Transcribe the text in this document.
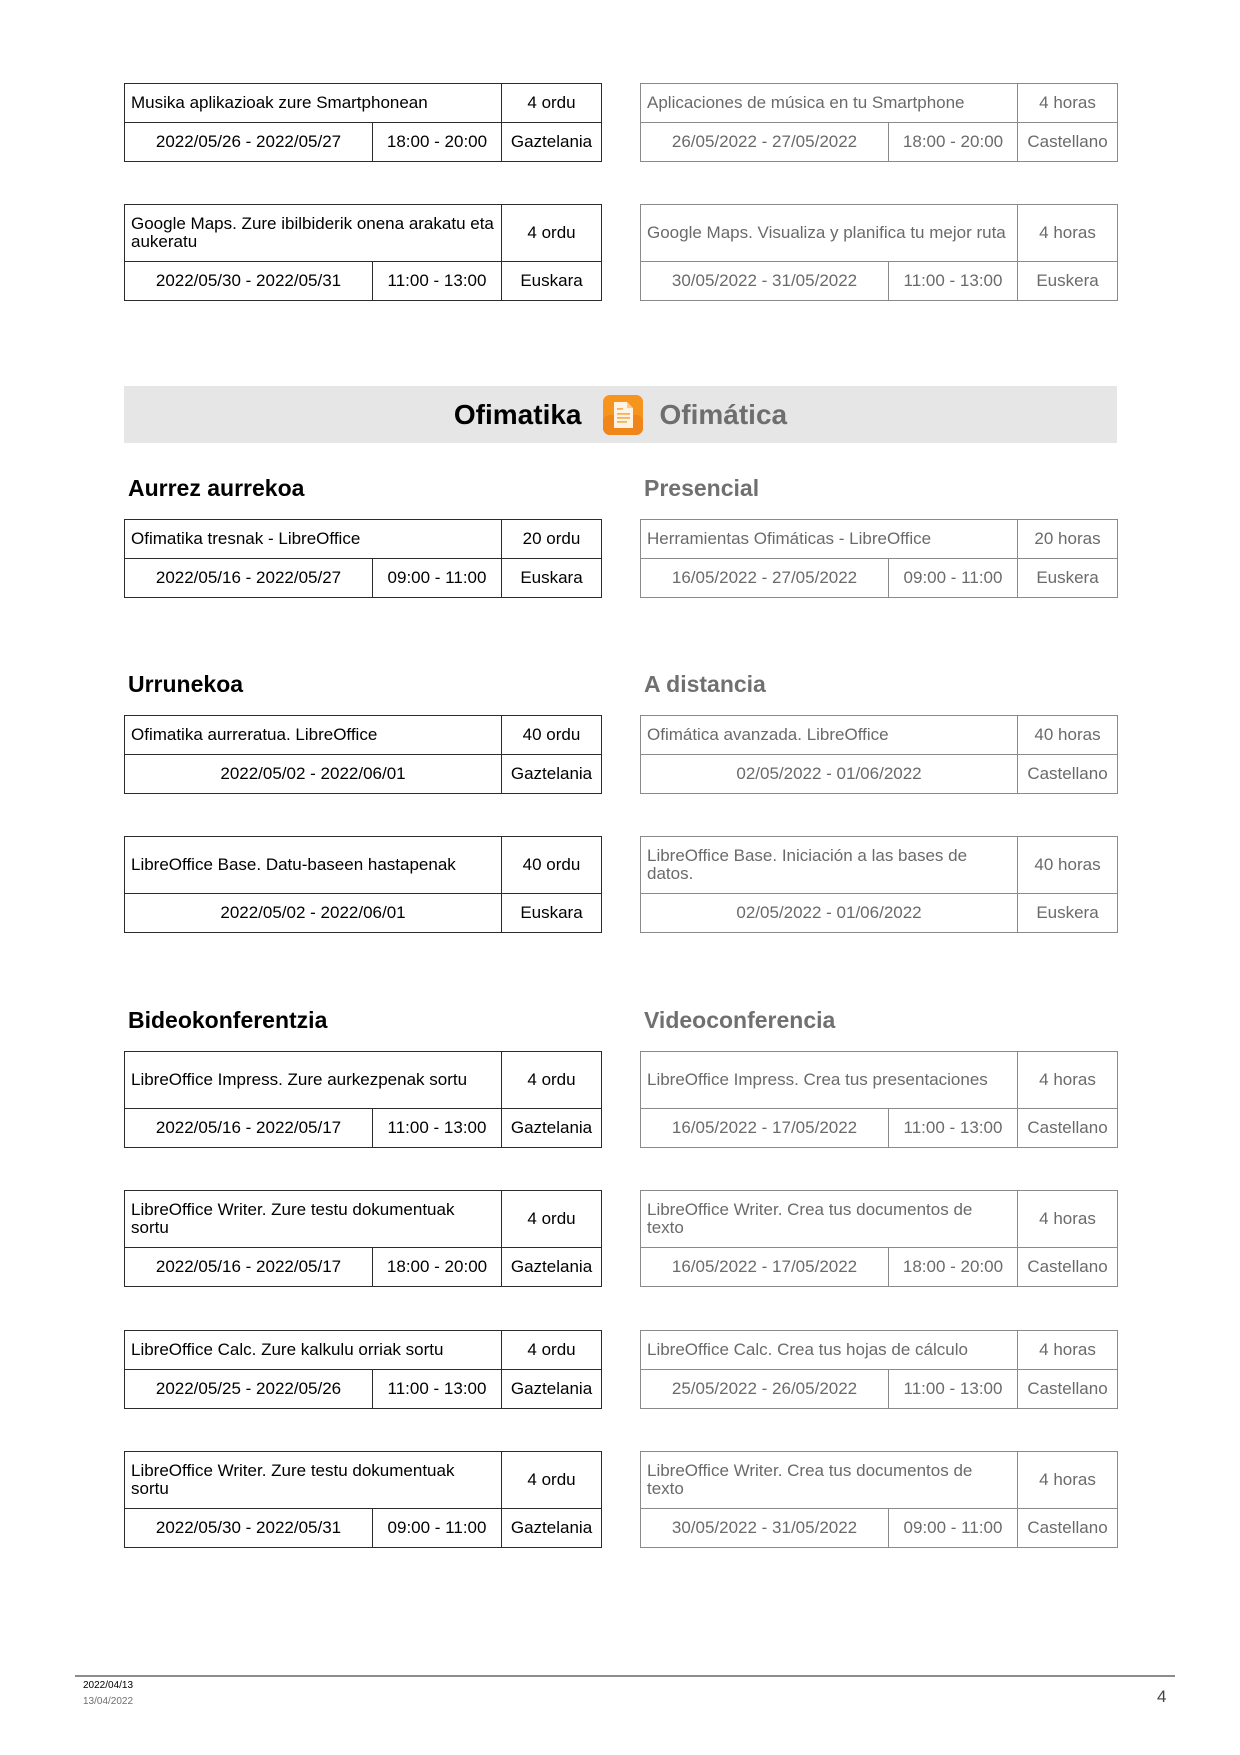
Musika aplikazioak zure Smartphonean		4 ordu
2022/05/26 - 2022/05/27	18:00 - 20:00	Gaztelania
Aplicaciones de música en tu Smartphone		4 horas
26/05/2022 - 27/05/2022	18:00 - 20:00	Castellano
Google Maps. Zure ibilbiderik onena arakatu eta aukeratu		4 ordu
2022/05/30 - 2022/05/31	11:00 - 13:00	Euskara
Google Maps. Visualiza y planifica tu mejor ruta		4 horas
30/05/2022 - 31/05/2022	11:00 - 13:00	Euskera
Ofimatika	Ofimática
Aurrez aurrekoa	Presencial
Ofimatika tresnak - LibreOffice		20 ordu
2022/05/16 - 2022/05/27	09:00 - 11:00	Euskara
Herramientas Ofimáticas - LibreOffice		20 horas
16/05/2022 - 27/05/2022	09:00 - 11:00	Euskera
Urrunekoa	A distancia
Ofimatika aurreratua. LibreOffice	40 ordu
2022/05/02 - 2022/06/01	Gaztelania
Ofimática avanzada. LibreOffice	40 horas
02/05/2022 - 01/06/2022	Castellano
LibreOffice Base. Datu-baseen hastapenak	40 ordu
2022/05/02 - 2022/06/01	Euskara
LibreOffice Base. Iniciación a las bases de datos.	40 horas
02/05/2022 - 01/06/2022	Euskera
Bideokonferentzia	Videoconferencia
LibreOffice Impress. Zure aurkezpenak sortu		4 ordu
2022/05/16 - 2022/05/17	11:00 - 13:00	Gaztelania
LibreOffice Impress. Crea tus presentaciones		4 horas
16/05/2022 - 17/05/2022	11:00 - 13:00	Castellano
LibreOffice Writer. Zure testu dokumentuak sortu		4 ordu
2022/05/16 - 2022/05/17	18:00 - 20:00	Gaztelania
LibreOffice Writer. Crea tus documentos de texto		4 horas
16/05/2022 - 17/05/2022	18:00 - 20:00	Castellano
LibreOffice Calc. Zure kalkulu orriak sortu		4 ordu
2022/05/25 - 2022/05/26	11:00 - 13:00	Gaztelania
LibreOffice Calc. Crea tus hojas de cálculo		4 horas
25/05/2022 - 26/05/2022	11:00 - 13:00	Castellano
LibreOffice Writer. Zure testu dokumentuak sortu		4 ordu
2022/05/30 - 2022/05/31	09:00 - 11:00	Gaztelania
LibreOffice Writer. Crea tus documentos de texto		4 horas
30/05/2022 - 31/05/2022	09:00 - 11:00	Castellano
2022/04/13
13/04/2022	4
